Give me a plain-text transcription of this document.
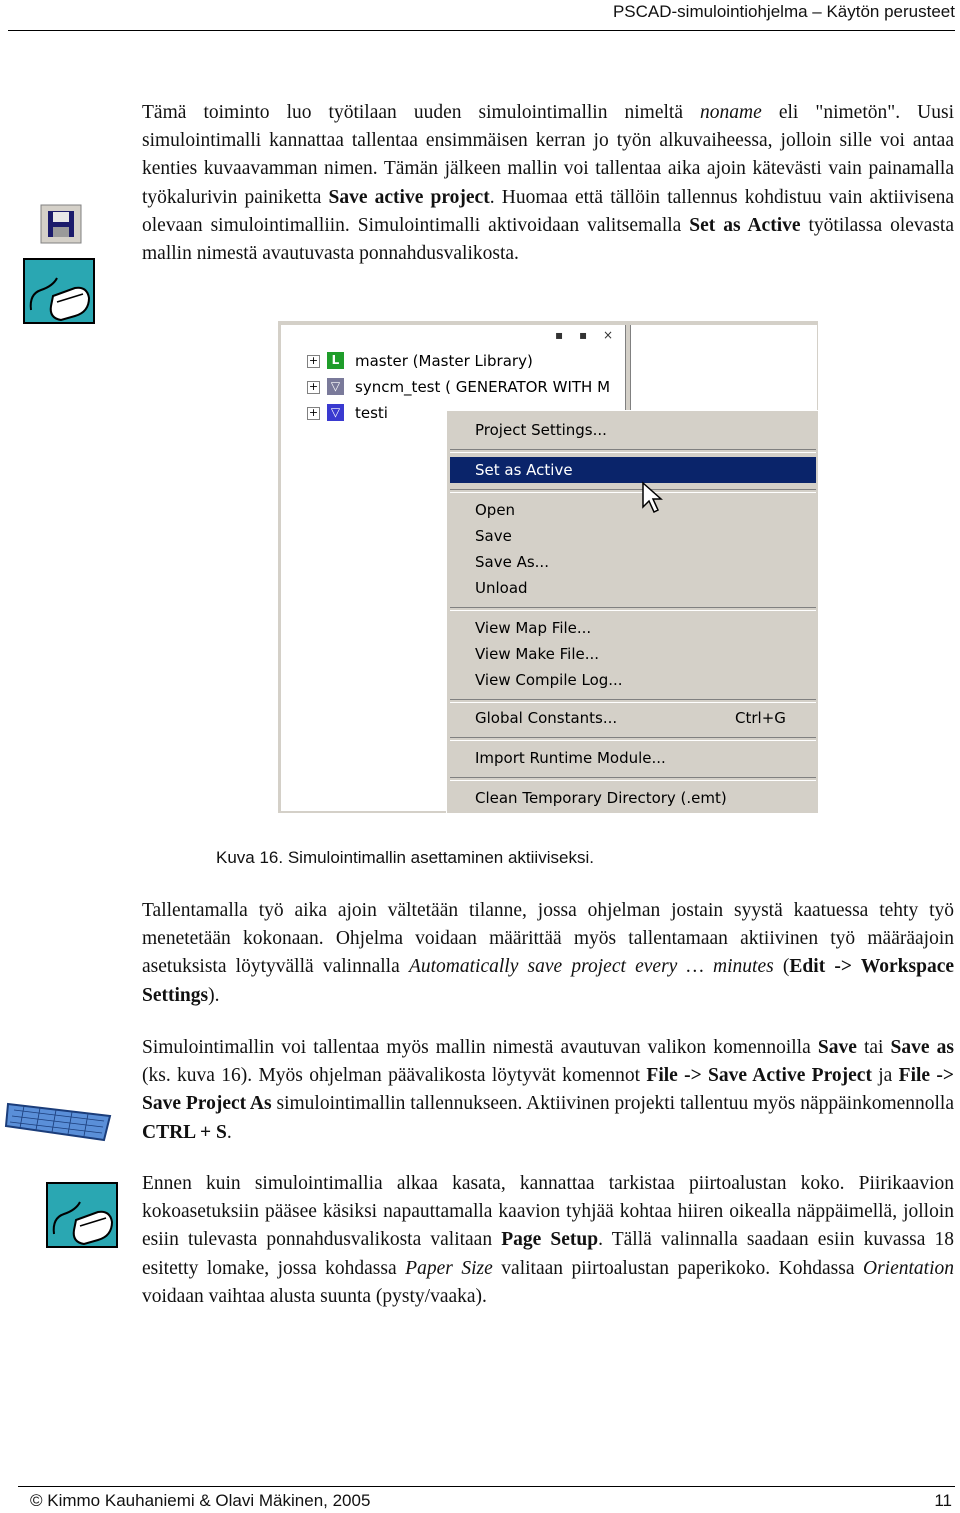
PSCAD-simulointiohjelma – Käytön perusteet
Tämä toiminto luo työtilaan uuden simulointimallin nimeltä noname eli "nimetön". Uusi simulointimalli kannattaa tallentaa ensimmäisen kerran jo työn alkuvaiheessa, jolloin sille voi antaa kenties kuvaavamman nimen. Tämän jälkeen mallin voi tallentaa aika ajoin kätevästi vain painamalla työkalurivin painiketta Save active project. Huomaa että tällöin tallennus kohdistuu vain aktiivisena olevaan simulointimalliin. Simulointimalli aktivoidaan valitsemalla Set as Active työtilassa olevasta mallin nimestä avautuvasta ponnahdusvalikosta.
▪ ▪ ×
+	L	master (Master Library)
+	▽ syncm_test ( GENERATOR WITH M
+	▽ testi
Project Settings...
Set as Active
Open
Save
Save As...
Unload
View Map File...
View Make File...
View Compile Log...
Global Constants...	Ctrl+G
Import Runtime Module...
Clean Temporary Directory (.emt)
Kuva 16. Simulointimallin asettaminen aktiiviseksi.
Tallentamalla työ aika ajoin vältetään tilanne, jossa ohjelman jostain syystä kaatuessa tehty työ menetetään kokonaan. Ohjelma voidaan määrittää myös tallentamaan aktiivinen työ määräajoin asetuksista löytyvällä valinnalla Automatically save project every … minutes (Edit -> Workspace Settings).
Simulointimallin voi tallentaa myös mallin nimestä avautuvan valikon komennoilla Save tai Save as (ks. kuva 16). Myös ohjelman päävalikosta löytyvät komennot File -> Save Active Project ja File -> Save Project As simulointimallin tallennukseen. Aktiivinen projekti tallentuu myös näppäinkomennolla CTRL + S.
Ennen kuin simulointimallia alkaa kasata, kannattaa tarkistaa piirtoalustan koko. Piirikaavion kokoasetuksiin pääsee käsiksi napauttamalla kaavion tyhjää kohtaa hiiren oikealla näppäimellä, jolloin esiin tulevasta ponnahdusvalikosta valitaan Page Setup. Tällä valinnalla saadaan esiin kuvassa 18 esitetty lomake, jossa kohdassa Paper Size valitaan piirtoalustan paperikoko. Kohdassa Orientation voidaan vaihtaa alusta suunta (pysty/vaaka).
© Kimmo Kauhaniemi & Olavi Mäkinen, 2005	11
